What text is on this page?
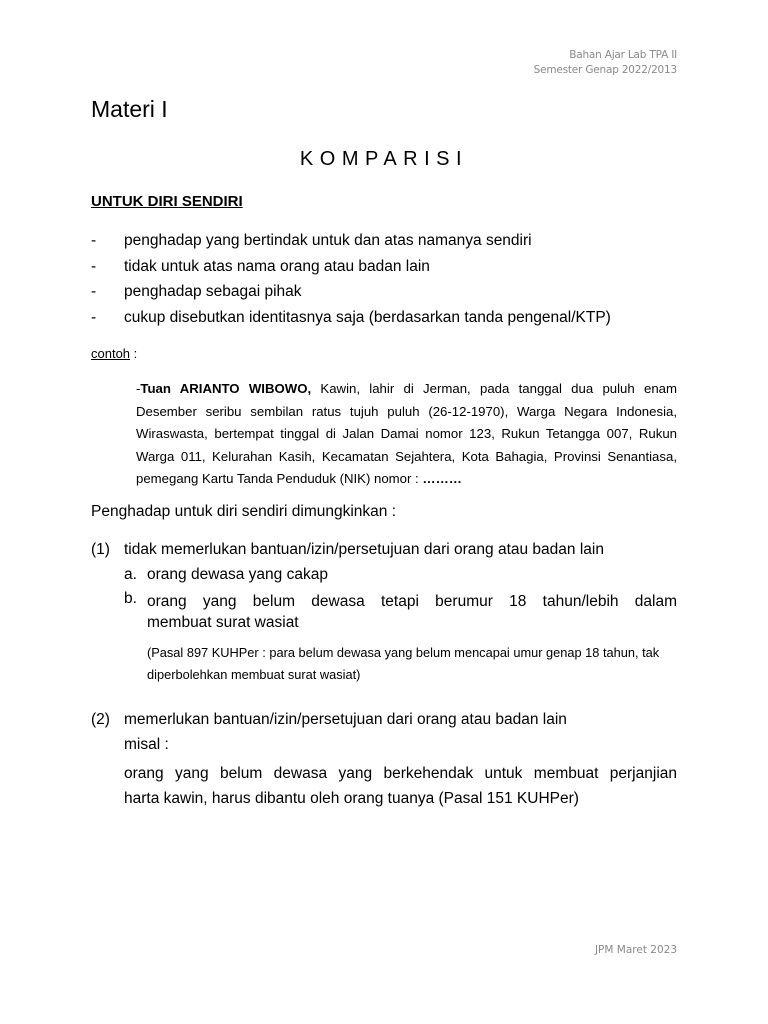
Bahan Ajar Lab TPA II
Semester Genap 2022/2013
Materi I
KOMPARISI
UNTUK DIRI SENDIRI
- penghadap yang bertindak untuk dan atas namanya sendiri
- tidak untuk atas nama orang atau badan lain
- penghadap sebagai pihak
- cukup disebutkan identitasnya saja (berdasarkan tanda pengenal/KTP)
contoh :
-Tuan ARIANTO WIBOWO, Kawin, lahir di Jerman, pada tanggal dua puluh enam Desember seribu sembilan ratus tujuh puluh (26-12-1970), Warga Negara Indonesia, Wiraswasta, bertempat tinggal di Jalan Damai nomor 123, Rukun Tetangga 007, Rukun Warga 011, Kelurahan Kasih, Kecamatan Sejahtera, Kota Bahagia, Provinsi Senantiasa, pemegang Kartu Tanda Penduduk (NIK) nomor : ………
Penghadap untuk diri sendiri dimungkinkan :
(1) tidak memerlukan bantuan/izin/persetujuan dari orang atau badan lain
a. orang dewasa yang cakap
b. orang yang belum dewasa tetapi berumur 18 tahun/lebih dalam
membuat surat wasiat
(Pasal 897 KUHPer : para belum dewasa yang belum mencapai umur genap 18 tahun, tak diperbolehkan membuat surat wasiat)
(2) memerlukan bantuan/izin/persetujuan dari orang atau badan lain
misal :
orang yang belum dewasa yang berkehendak untuk membuat perjanjian
harta kawin, harus dibantu oleh orang tuanya (Pasal 151 KUHPer)
JPM Maret 2023
